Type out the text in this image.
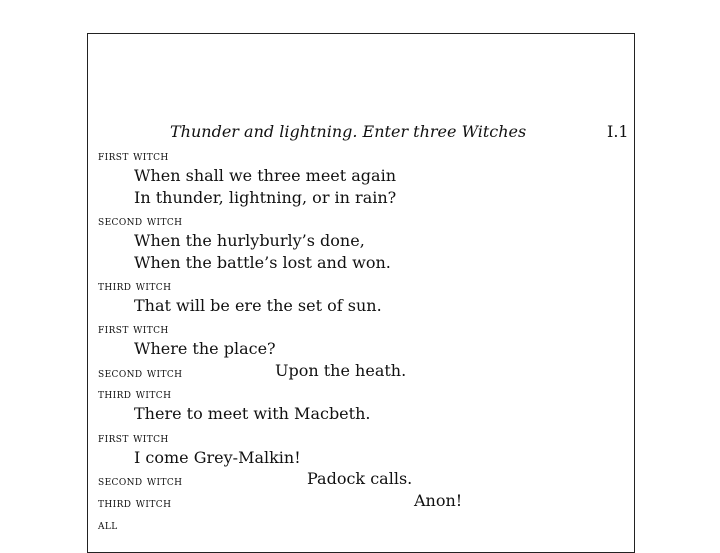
Thunder and lightning. Enter three Witches	I.1
first witch
When shall we three meet again
In thunder, lightning, or in rain?
second witch
When the hurlyburly’s done,
When the battle’s lost and won.
third witch
That will be ere the set of sun.
first witch
Where the place?
second witch	Upon the heath.
third witch
There to meet with Macbeth.
first witch
I come Grey-Malkin!
second witch	Padock calls.
third witch	Anon!
all
